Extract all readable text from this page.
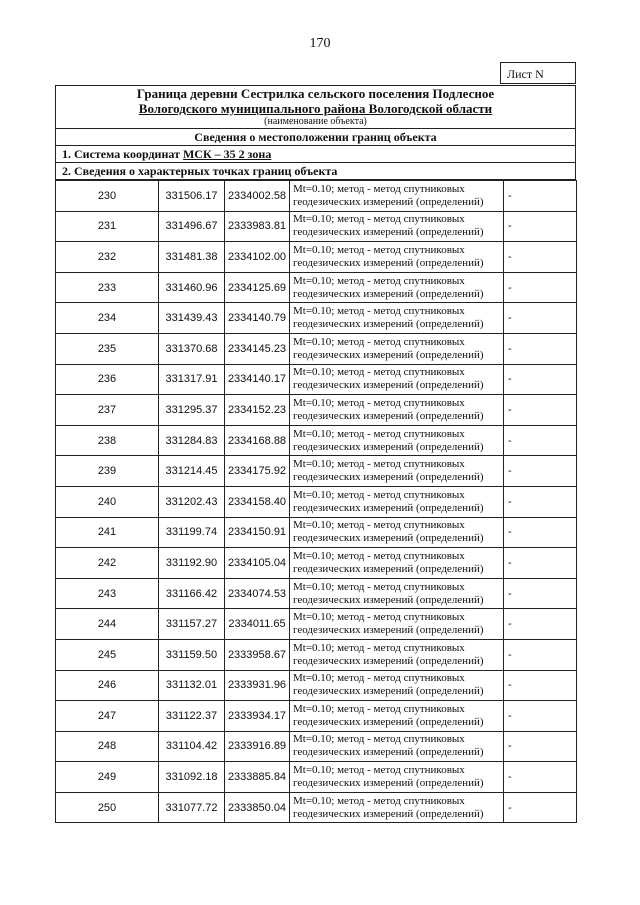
170
Лист N
Граница деревни Сестрилка сельского поселения Подлесное
Вологодского муниципального района Вологодской области
(наименование объекта)

Сведения о местоположении границ объекта
1. Система координат МСК – 35 2 зона
2. Сведения о характерных точках границ объекта
230	331506.17	2334002.58	Mt=0.10; метод - метод спутниковых
геодезических измерений (определений)	-
231	331496.67	2333983.81	Mt=0.10; метод - метод спутниковых
геодезических измерений (определений)	-
232	331481.38	2334102.00	Mt=0.10; метод - метод спутниковых
геодезических измерений (определений)	-
233	331460.96	2334125.69	Mt=0.10; метод - метод спутниковых
геодезических измерений (определений)	-
234	331439.43	2334140.79	Mt=0.10; метод - метод спутниковых
геодезических измерений (определений)	-
235	331370.68	2334145.23	Mt=0.10; метод - метод спутниковых
геодезических измерений (определений)	-
236	331317.91	2334140.17	Mt=0.10; метод - метод спутниковых
геодезических измерений (определений)	-
237	331295.37	2334152.23	Mt=0.10; метод - метод спутниковых
геодезических измерений (определений)	-
238	331284.83	2334168.88	Mt=0.10; метод - метод спутниковых
геодезических измерений (определений)	-
239	331214.45	2334175.92	Mt=0.10; метод - метод спутниковых
геодезических измерений (определений)	-
240	331202.43	2334158.40	Mt=0.10; метод - метод спутниковых
геодезических измерений (определений)	-
241	331199.74	2334150.91	Mt=0.10; метод - метод спутниковых
геодезических измерений (определений)	-
242	331192.90	2334105.04	Mt=0.10; метод - метод спутниковых
геодезических измерений (определений)	-
243	331166.42	2334074.53	Mt=0.10; метод - метод спутниковых
геодезических измерений (определений)	-
244	331157.27	2334011.65	Mt=0.10; метод - метод спутниковых
геодезических измерений (определений)	-
245	331159.50	2333958.67	Mt=0.10; метод - метод спутниковых
геодезических измерений (определений)	-
246	331132.01	2333931.96	Mt=0.10; метод - метод спутниковых
геодезических измерений (определений)	-
247	331122.37	2333934.17	Mt=0.10; метод - метод спутниковых
геодезических измерений (определений)	-
248	331104.42	2333916.89	Mt=0.10; метод - метод спутниковых
геодезических измерений (определений)	-
249	331092.18	2333885.84	Mt=0.10; метод - метод спутниковых
геодезических измерений (определений)	-
250	331077.72	2333850.04	Mt=0.10; метод - метод спутниковых
геодезических измерений (определений)	-
